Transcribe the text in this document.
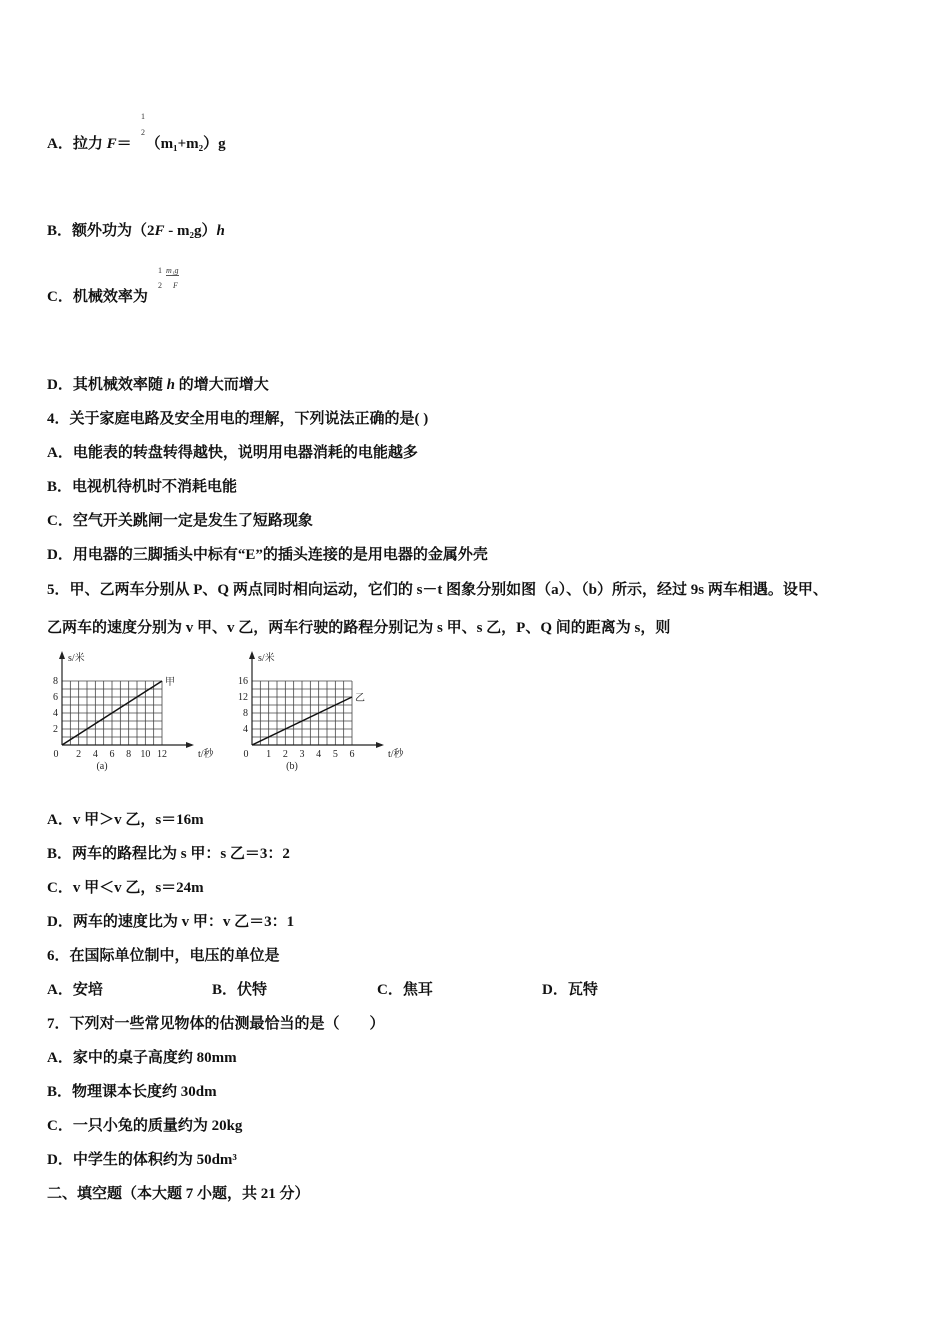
A．拉力 F＝ （m₁+m₂）g
1
2
B．额外功为（2F - m₂g）h
C．机械效率为
1
2
m₁g
F
D．其机械效率随 h 的增大而增大
4．关于家庭电路及安全用电的理解，下列说法正确的是( )
A．电能表的转盘转得越快，说明用电器消耗的电能越多
B．电视机待机时不消耗电能
C．空气开关跳闸一定是发生了短路现象
D．用电器的三脚插头中标有“E”的插头连接的是用电器的金属外壳
5．甲、乙两车分别从 P、Q 两点同时相向运动，它们的 s－t 图象分别如图（a）、（b）所示，经过 9s 两车相遇。设甲、
乙两车的速度分别为 v 甲、v 乙，两车行驶的路程分别记为 s 甲、s 乙，P、Q 间的距离为 s，则
s/米
t/秒
2
4
6
8
0 2 4 6 8 10 12
甲
(a)
s/米
t/秒
4
8
12
16
0 1 2 3 4 5 6
乙
(b)
A．v 甲＞v 乙，s＝16m
B．两车的路程比为 s 甲：s 乙＝3：2
C．v 甲＜v 乙，s＝24m
D．两车的速度比为 v 甲：v 乙＝3：1
6．在国际单位制中，电压的单位是
A．安培	B．伏特	C．焦耳	D．瓦特
7．下列对一些常见物体的估测最恰当的是（　　）
A．家中的桌子高度约 80mm
B．物理课本长度约 30dm
C．一只小兔的质量约为 20kg
D．中学生的体积约为 50dm³
二、填空题（本大题 7 小题，共 21 分）
